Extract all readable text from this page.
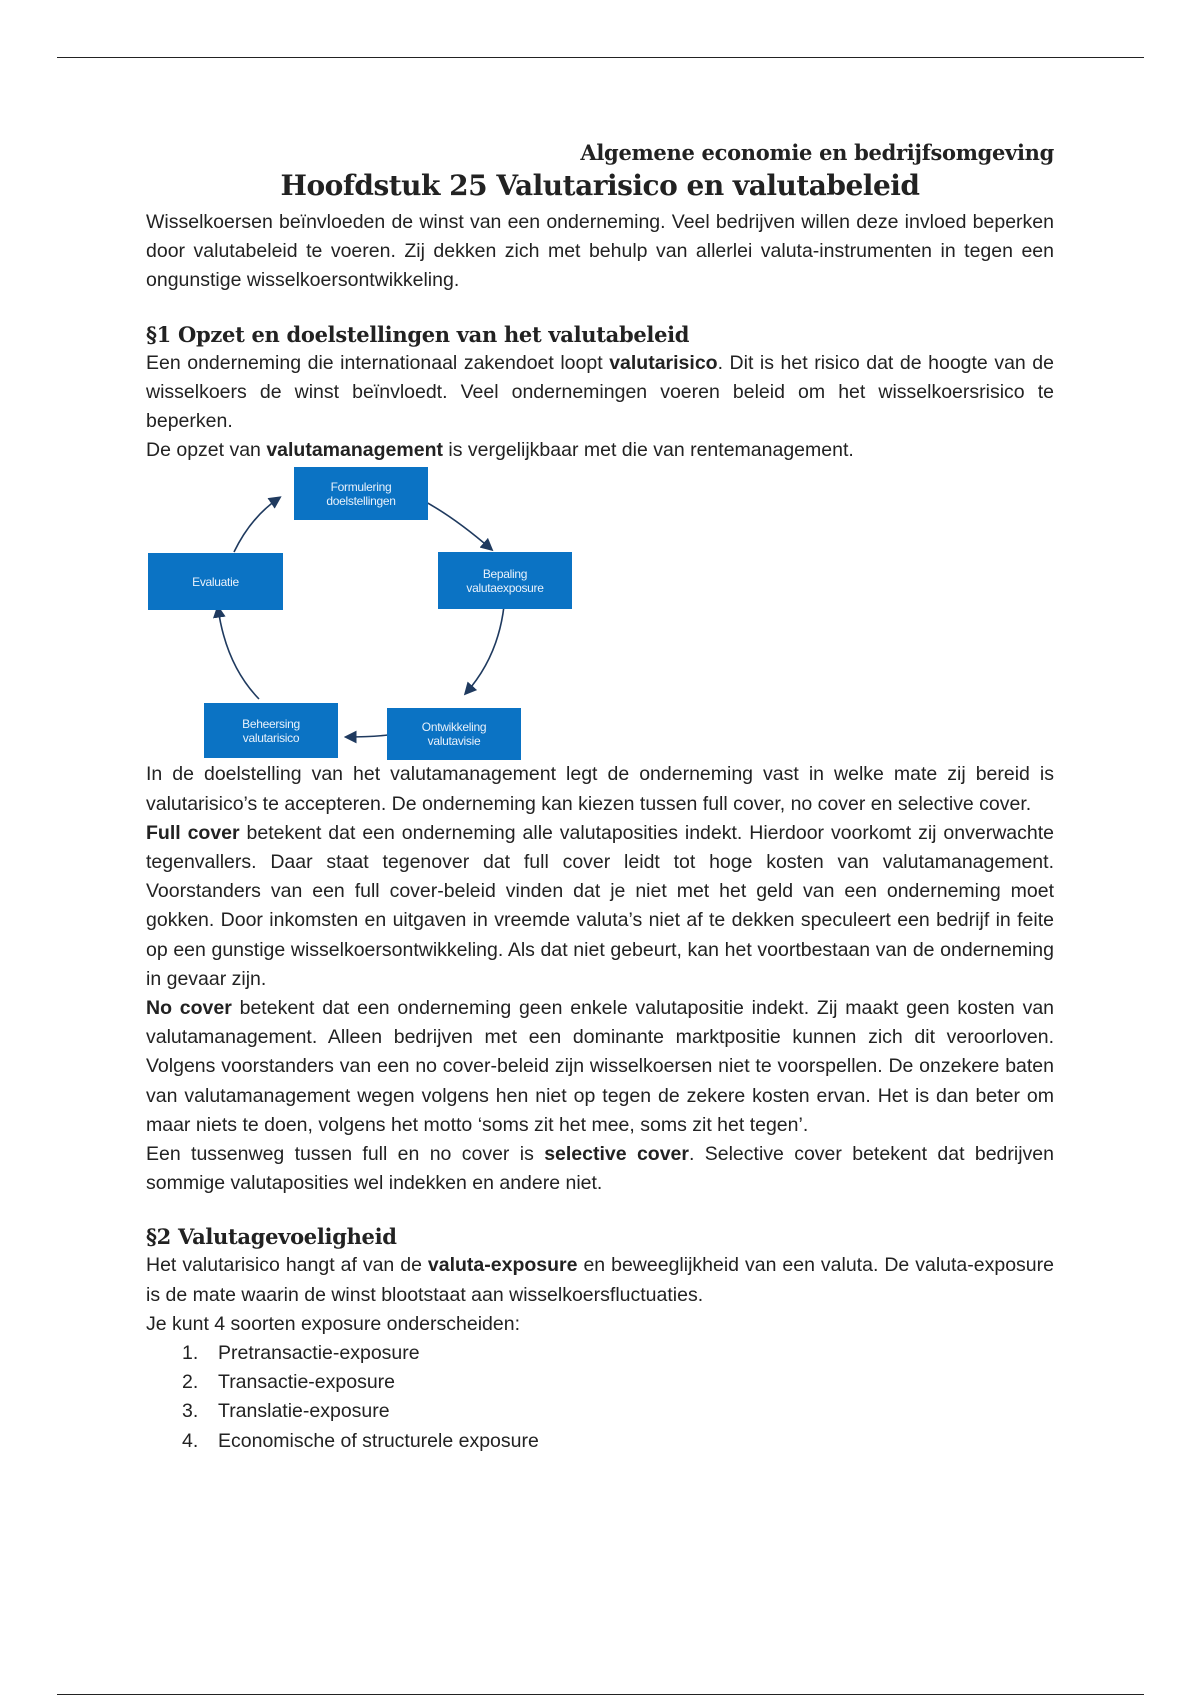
Algemene economie en bedrijfsomgeving
Hoofdstuk 25 Valutarisico en valutabeleid

Wisselkoersen beïnvloeden de winst van een onderneming. Veel bedrijven willen deze invloed beperken door valutabeleid te voeren. Zij dekken zich met behulp van allerlei valuta-instrumenten in tegen een ongunstige wisselkoersontwikkeling.

§1 Opzet en doelstellingen van het valutabeleid

Een onderneming die internationaal zakendoet loopt valutarisico. Dit is het risico dat de hoogte van de wisselkoers de winst beïnvloedt. Veel ondernemingen voeren beleid om het wisselkoersrisico te beperken.

De opzet van valutamanagement is vergelijkbaar met die van rentemanagement.

Formulering
doelstellingen
Bepaling
valutaexposure
Ontwikkeling
valutavisie
Beheersing
valutarisico
Evaluatie

In de doelstelling van het valutamanagement legt de onderneming vast in welke mate zij bereid is valutarisico’s te accepteren. De onderneming kan kiezen tussen full cover, no cover en selective cover.

Full cover betekent dat een onderneming alle valutaposities indekt. Hierdoor voorkomt zij onverwachte tegenvallers. Daar staat tegenover dat full cover leidt tot hoge kosten van valutamanagement. Voorstanders van een full cover-beleid vinden dat je niet met het geld van een onderneming moet gokken. Door inkomsten en uitgaven in vreemde valuta’s niet af te dekken speculeert een bedrijf in feite op een gunstige wisselkoersontwikkeling. Als dat niet gebeurt, kan het voortbestaan van de onderneming in gevaar zijn.

No cover betekent dat een onderneming geen enkele valutapositie indekt. Zij maakt geen kosten van valutamanagement. Alleen bedrijven met een dominante marktpositie kunnen zich dit veroorloven. Volgens voorstanders van een no cover-beleid zijn wisselkoersen niet te voorspellen. De onzekere baten van valutamanagement wegen volgens hen niet op tegen de zekere kosten ervan. Het is dan beter om maar niets te doen, volgens het motto ‘soms zit het mee, soms zit het tegen’.

Een tussenweg tussen full en no cover is selective cover. Selective cover betekent dat bedrijven sommige valutaposities wel indekken en andere niet.

§2 Valutagevoeligheid

Het valutarisico hangt af van de valuta-exposure en beweeglijkheid van een valuta. De valuta-exposure is de mate waarin de winst blootstaat aan wisselkoersfluctuaties.

Je kunt 4 soorten exposure onderscheiden:

1.	Pretransactie-exposure
2.	Transactie-exposure
3.	Translatie-exposure
4.	Economische of structurele exposure
